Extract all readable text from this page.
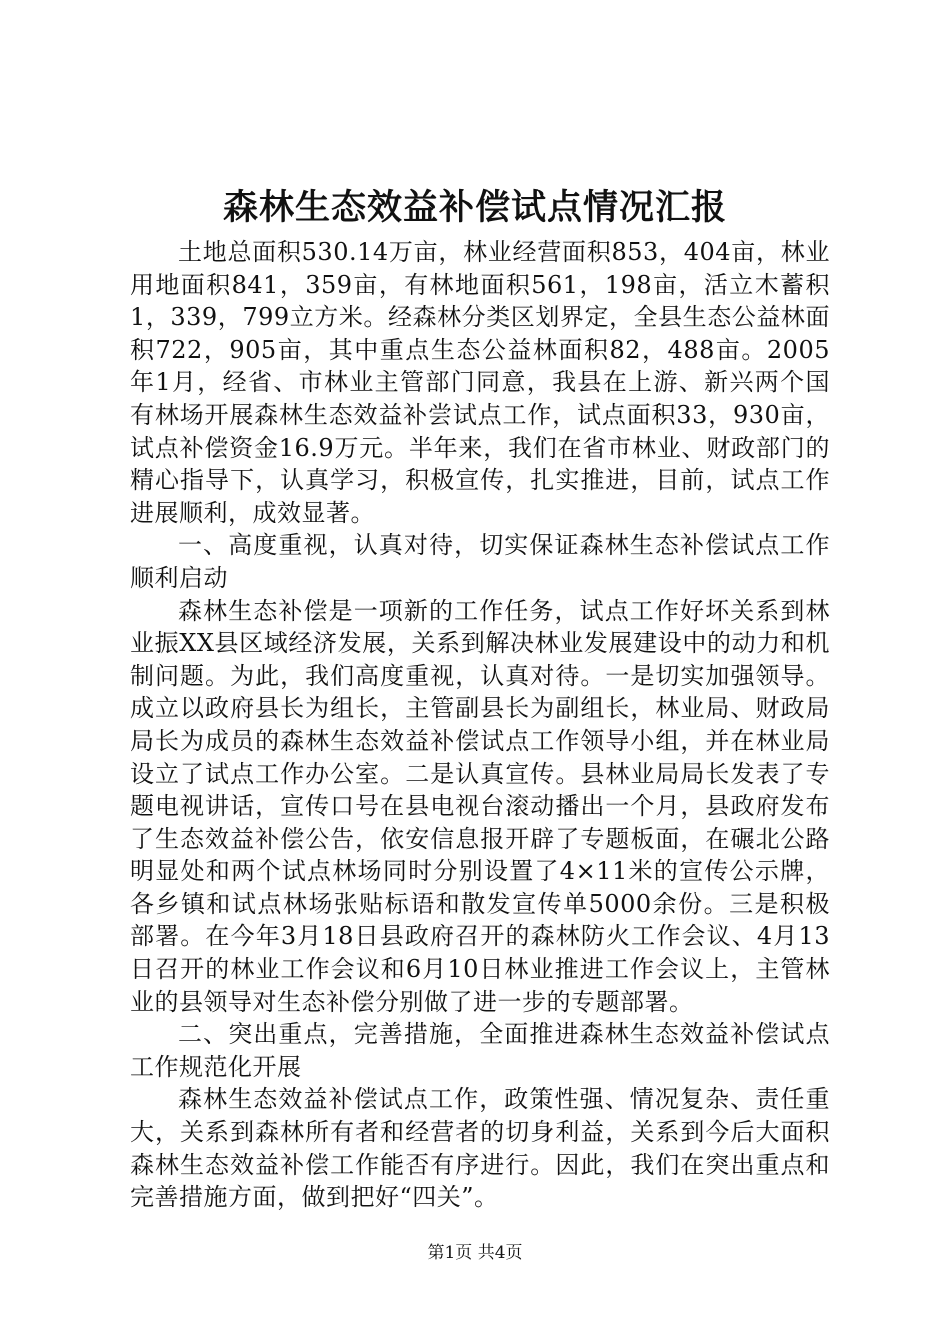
森林生态效益补偿试点情况汇报

土地总面积530.14万亩，林业经营面积853，404亩，林业用地面积841，359亩，有林地面积561，198亩，活立木蓄积1，339，799立方米。经森林分类区划界定，全县生态公益林面积722，905亩，其中重点生态公益林面积82，488亩。2005年1月，经省、市林业主管部门同意，我县在上游、新兴两个国有林场开展森林生态效益补尝试点工作，试点面积33，930亩，试点补偿资金16.9万元。半年来，我们在省市林业、财政部门的精心指导下，认真学习，积极宣传，扎实推进，目前，试点工作进展顺利，成效显著。

一、高度重视，认真对待，切实保证森林生态补偿试点工作顺利启动

森林生态补偿是一项新的工作任务，试点工作好坏关系到林业振XX县区域经济发展，关系到解决林业发展建设中的动力和机制问题。为此，我们高度重视，认真对待。一是切实加强领导。成立以政府县长为组长，主管副县长为副组长，林业局、财政局局长为成员的森林生态效益补偿试点工作领导小组，并在林业局设立了试点工作办公室。二是认真宣传。县林业局局长发表了专题电视讲话，宣传口号在县电视台滚动播出一个月，县政府发布了生态效益补偿公告，依安信息报开辟了专题板面，在碾北公路明显处和两个试点林场同时分别设置了4×11米的宣传公示牌，各乡镇和试点林场张贴标语和散发宣传单5000余份。三是积极部署。在今年3月18日县政府召开的森林防火工作会议、4月13日召开的林业工作会议和6月10日林业推进工作会议上，主管林业的县领导对生态补偿分别做了进一步的专题部署。

二、突出重点，完善措施，全面推进森林生态效益补偿试点工作规范化开展

森林生态效益补偿试点工作，政策性强、情况复杂、责任重大，关系到森林所有者和经营者的切身利益，关系到今后大面积森林生态效益补偿工作能否有序进行。因此，我们在突出重点和完善措施方面，做到把好“四关”。

第1页 共4页
